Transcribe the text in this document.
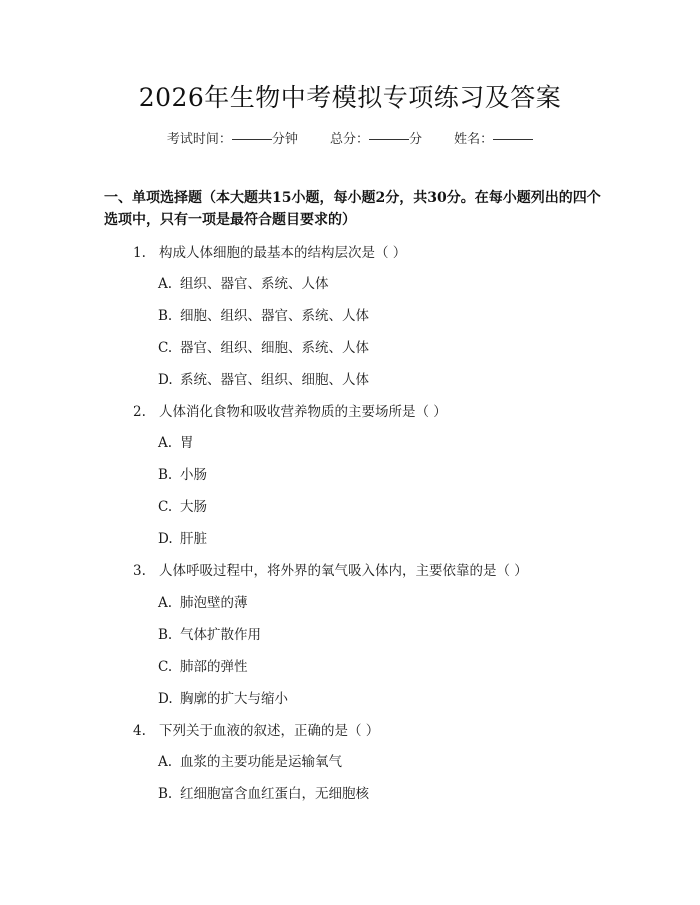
2026年生物中考模拟专项练习及答案
考试时间：	分钟 总分：	分 姓名：
一、单项选择题（本大题共15小题，每小题2分，共30分。在每小题列出的四个选项中，只有一项是最符合题目要求的）
1. 构成人体细胞的最基本的结构层次是（ ）
A. 组织、器官、系统、人体
B. 细胞、组织、器官、系统、人体
C. 器官、组织、细胞、系统、人体
D. 系统、器官、组织、细胞、人体
2. 人体消化食物和吸收营养物质的主要场所是（ ）
A. 胃
B. 小肠
C. 大肠
D. 肝脏
3. 人体呼吸过程中，将外界的氧气吸入体内，主要依靠的是（ ）
A. 肺泡壁的薄
B. 气体扩散作用
C. 肺部的弹性
D. 胸廓的扩大与缩小
4. 下列关于血液的叙述，正确的是（ ）
A. 血浆的主要功能是运输氧气
B. 红细胞富含血红蛋白，无细胞核
